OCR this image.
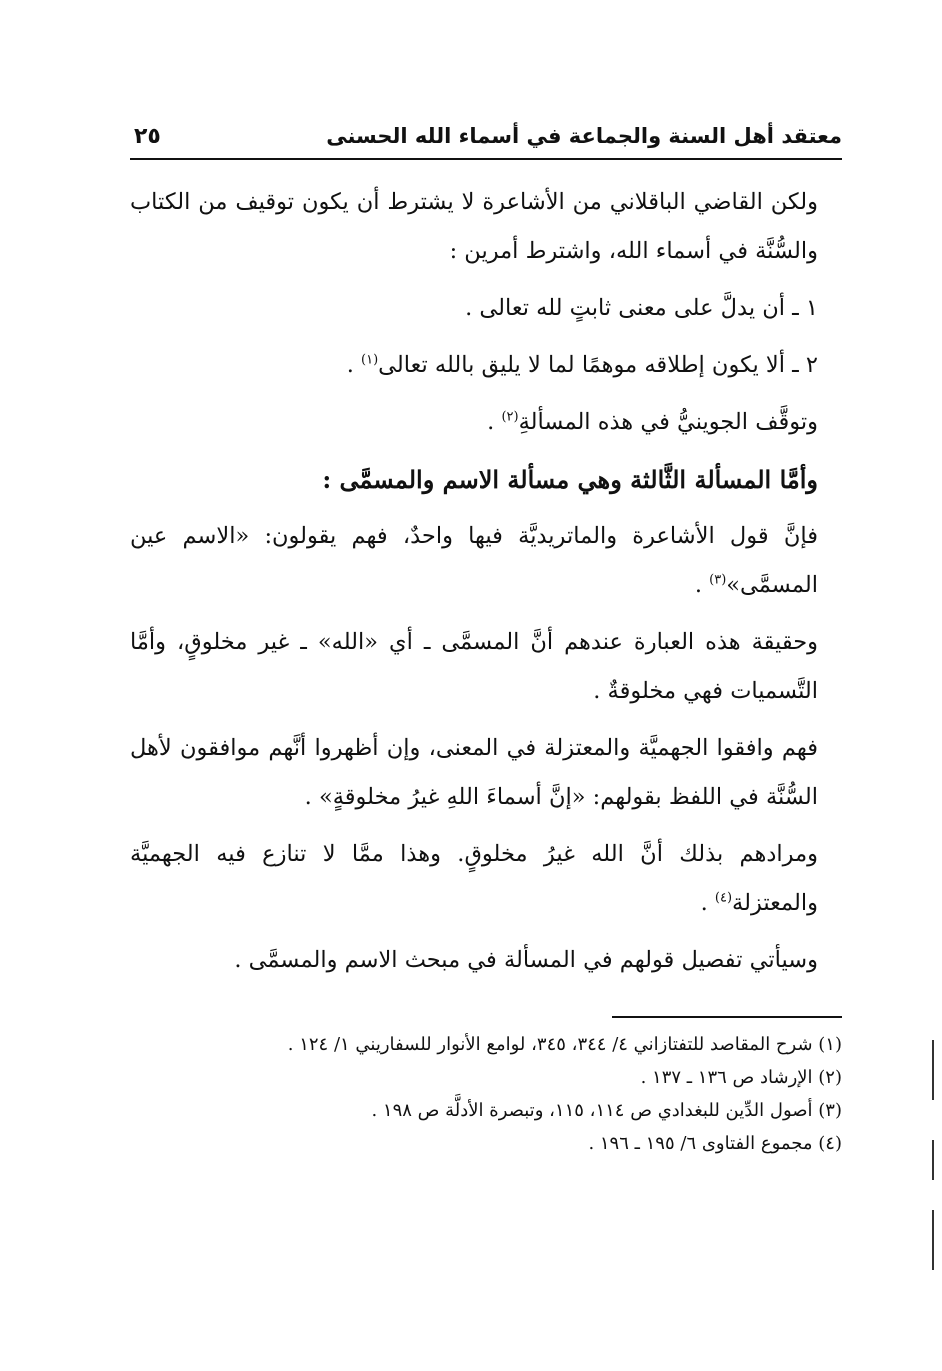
معتقد أهل السنة والجماعة في أسماء الله الحسنى
٢٥

ولكن القاضي الباقلاني من الأشاعرة لا يشترط أن يكون توقيف من الكتاب والسُّنَّة في أسماء الله، واشترط أمرين :

١ ـ أن يدلَّ على معنى ثابتٍ لله تعالى .

٢ ـ ألا يكون إطلاقه موهمًا لما لا يليق بالله تعالى$^{(١)}$ .

وتوقَّف الجوينيُّ في هذه المسألةِ$^{(٢)}$ .

وأمَّا المسألة الثَّالثة وهي مسألة الاسم والمسمَّى :

فإنَّ قول الأشاعرة والماتريديَّة فيها واحدٌ، فهم يقولون: «الاسم عين المسمَّى»$^{(٣)}$ .

وحقيقة هذه العبارة عندهم أنَّ المسمَّى ـ أي «الله» ـ غير مخلوقٍ، وأمَّا التَّسميات فهي مخلوقةٌ .

فهم وافقوا الجهميَّة والمعتزلة في المعنى، وإن أظهروا أنَّهم موافقون لأهل السُّنَّة في اللفظ بقولهم: «إنَّ أسماءَ اللهِ غيرُ مخلوقةٍ» .

ومرادهم بذلك أنَّ الله غيرُ مخلوقٍ. وهذا ممَّا لا تنازع فيه الجهميَّة والمعتزلة$^{(٤)}$ .

وسيأتي تفصيل قولهم في المسألة في مبحث الاسم والمسمَّى .

(١) شرح المقاصد للتفتازاني ٤/ ٣٤٤، ٣٤٥، لوامع الأنوار للسفاريني ١/ ١٢٤ .
(٢) الإرشاد ص ١٣٦ ـ ١٣٧ .
(٣) أصول الدِّين للبغدادي ص ١١٤، ١١٥، وتبصرة الأدلَّة ص ١٩٨ .
(٤) مجموع الفتاوى ٦/ ١٩٥ ـ ١٩٦ .
